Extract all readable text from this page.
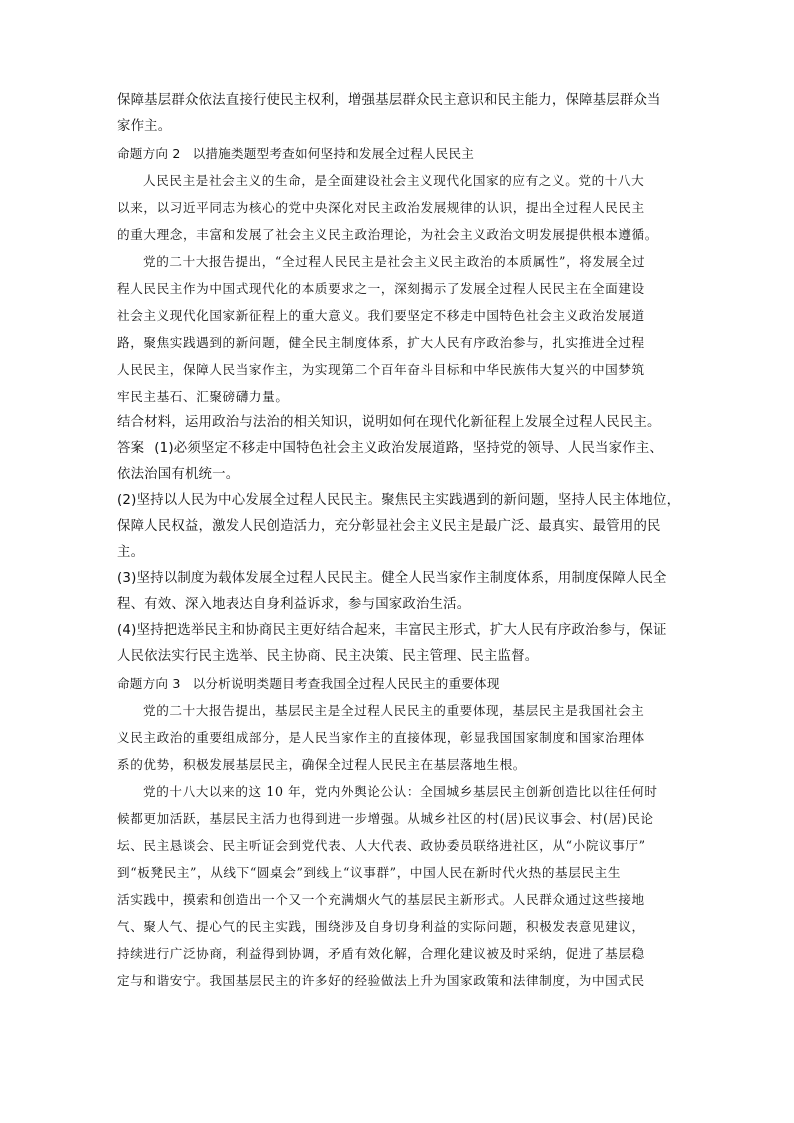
保障基层群众依法直接行使民主权利，增强基层群众民主意识和民主能力，保障基层群众当
家作主。
命题方向 2 以措施类题型考查如何坚持和发展全过程人民民主
人民民主是社会主义的生命，是全面建设社会主义现代化国家的应有之义。党的十八大
以来，以习近平同志为核心的党中央深化对民主政治发展规律的认识，提出全过程人民民主
的重大理念，丰富和发展了社会主义民主政治理论，为社会主义政治文明发展提供根本遵循。
党的二十大报告提出，“全过程人民民主是社会主义民主政治的本质属性”，将发展全过
程人民民主作为中国式现代化的本质要求之一，深刻揭示了发展全过程人民民主在全面建设
社会主义现代化国家新征程上的重大意义。我们要坚定不移走中国特色社会主义政治发展道
路，聚焦实践遇到的新问题，健全民主制度体系，扩大人民有序政治参与，扎实推进全过程
人民民主，保障人民当家作主，为实现第二个百年奋斗目标和中华民族伟大复兴的中国梦筑
牢民主基石、汇聚磅礴力量。
结合材料，运用政治与法治的相关知识，说明如何在现代化新征程上发展全过程人民民主。
答案 (1)必须坚定不移走中国特色社会主义政治发展道路，坚持党的领导、人民当家作主、
依法治国有机统一。
(2)坚持以人民为中心发展全过程人民民主。聚焦民主实践遇到的新问题，坚持人民主体地位，
保障人民权益，激发人民创造活力，充分彰显社会主义民主是最广泛、最真实、最管用的民
主。
(3)坚持以制度为载体发展全过程人民民主。健全人民当家作主制度体系，用制度保障人民全
程、有效、深入地表达自身利益诉求，参与国家政治生活。
(4)坚持把选举民主和协商民主更好结合起来，丰富民主形式，扩大人民有序政治参与，保证
人民依法实行民主选举、民主协商、民主决策、民主管理、民主监督。
命题方向 3 以分析说明类题目考查我国全过程人民民主的重要体现
党的二十大报告提出，基层民主是全过程人民民主的重要体现，基层民主是我国社会主
义民主政治的重要组成部分，是人民当家作主的直接体现，彰显我国国家制度和国家治理体
系的优势，积极发展基层民主，确保全过程人民民主在基层落地生根。
党的十八大以来的这 10 年，党内外舆论公认：全国城乡基层民主创新创造比以往任何时
候都更加活跃，基层民主活力也得到进一步增强。从城乡社区的村(居)民议事会、村(居)民论
坛、民主恳谈会、民主听证会到党代表、人大代表、政协委员联络进社区，从“小院议事厅”
到“板凳民主”，从线下“圆桌会”到线上“议事群”，中国人民在新时代火热的基层民主生
活实践中，摸索和创造出一个又一个充满烟火气的基层民主新形式。人民群众通过这些接地
气、聚人气、提心气的民主实践，围绕涉及自身切身利益的实际问题，积极发表意见建议，
持续进行广泛协商，利益得到协调，矛盾有效化解，合理化建议被及时采纳，促进了基层稳
定与和谐安宁。我国基层民主的许多好的经验做法上升为国家政策和法律制度，为中国式民
